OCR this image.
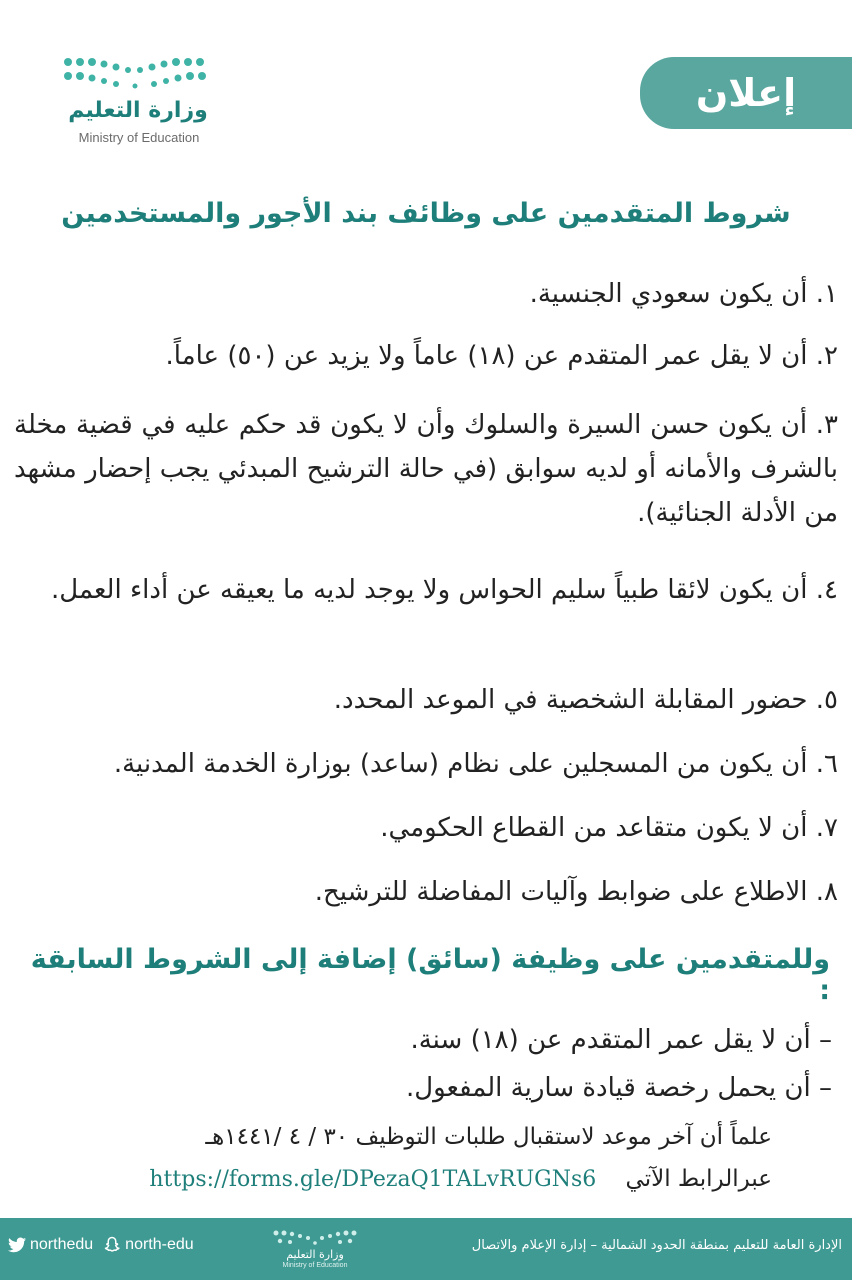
وزارة التعليم
Ministry of Education
إعلان
شروط المتقدمين على وظائف بند الأجور والمستخدمين

١. أن يكون سعودي الجنسية.

٢. أن لا يقل عمر المتقدم عن (١٨) عاماً ولا يزيد عن (٥٠) عاماً.

٣. أن يكون حسن السيرة والسلوك وأن لا يكون قد حكم عليه في قضية مخلة بالشرف والأمانه أو لديه سوابق (في حالة الترشيح المبدئي يجب إحضار مشهد من الأدلة الجنائية).

٤. أن يكون لائقا طبياً سليم الحواس ولا يوجد لديه ما يعيقه عن أداء العمل.

٥. حضور المقابلة الشخصية في الموعد المحدد.

٦. أن يكون من المسجلين على نظام (ساعد) بوزارة الخدمة المدنية.

٧. أن لا يكون متقاعد من القطاع الحكومي.

٨. الاطلاع على ضوابط وآليات المفاضلة للترشيح.

وللمتقدمين على وظيفة (سائق) إضافة إلى الشروط السابقة :

– أن لا يقل عمر المتقدم عن (١٨) سنة.

– أن يحمل رخصة قيادة سارية المفعول.

علماً أن آخر موعد لاستقبال طلبات التوظيف ٣٠ / ٤ /١٤٤١هـ
عبرالرابط الآتي    https://forms.gle/DPezaQ1TALvRUGNs6
northedu north-edu
وزارة التعليم
Ministry of Education
الإدارة العامة للتعليم بمنطقة الحدود الشمالية – إدارة الإعلام والاتصال
